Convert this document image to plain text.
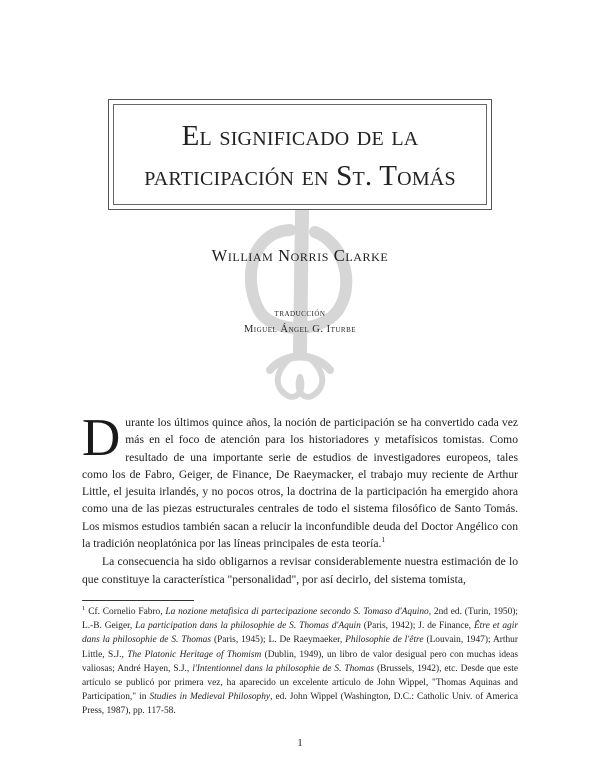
El significado de la
participación en St. Tomás
William Norris Clarke
traducción
Miguel Ángel G. Iturbe

Durante los últimos quince años, la noción de participación se ha convertido cada vez más en el foco de atención para los historiadores y metafísicos tomistas. Como resultado de una importante serie de estudios de investigadores europeos, tales como los de Fabro, Geiger, de Finance, De Raeymacker, el trabajo muy reciente de Arthur Little, el jesuita irlandés, y no pocos otros, la doctrina de la participación ha emergido ahora como una de las piezas estructurales centrales de todo el sistema filosófico de Santo Tomás. Los mismos estudios también sacan a relucir la inconfundible deuda del Doctor Angélico con la tradición neoplatónica por las líneas principales de esta teoría.$^1$

La consecuencia ha sido obligarnos a revisar considerablemente nuestra estimación de lo que constituye la característica "personalidad", por así decirlo, del sistema tomista,

$^1$ Cf. Cornelio Fabro, La nozione metafisica di partecipazione secondo S. Tomaso d'Aquino, 2nd ed. (Turin, 1950); L.-B. Geiger, La participation dans la philosophie de S. Thomas d'Aquin (Paris, 1942); J. de Finance, Être et agir dans la philosophie de S. Thomas (Paris, 1945); L. De Raeymaeker, Philosophie de l'être (Louvain, 1947); Arthur Little, S.J., The Platonic Heritage of Thomism (Dublin, 1949), un libro de valor desigual pero con muchas ideas valiosas; André Hayen, S.J., l'Intentionnel dans la philosophie de S. Thomas (Brussels, 1942), etc. Desde que este artículo se publicó por primera vez, ha aparecido un excelente artículo de John Wippel, "Thomas Aquinas and Participation," in Studies in Medieval Philosophy, ed. John Wippel (Washington, D.C.: Catholic Univ. of America Press, 1987), pp. 117-58.
1
